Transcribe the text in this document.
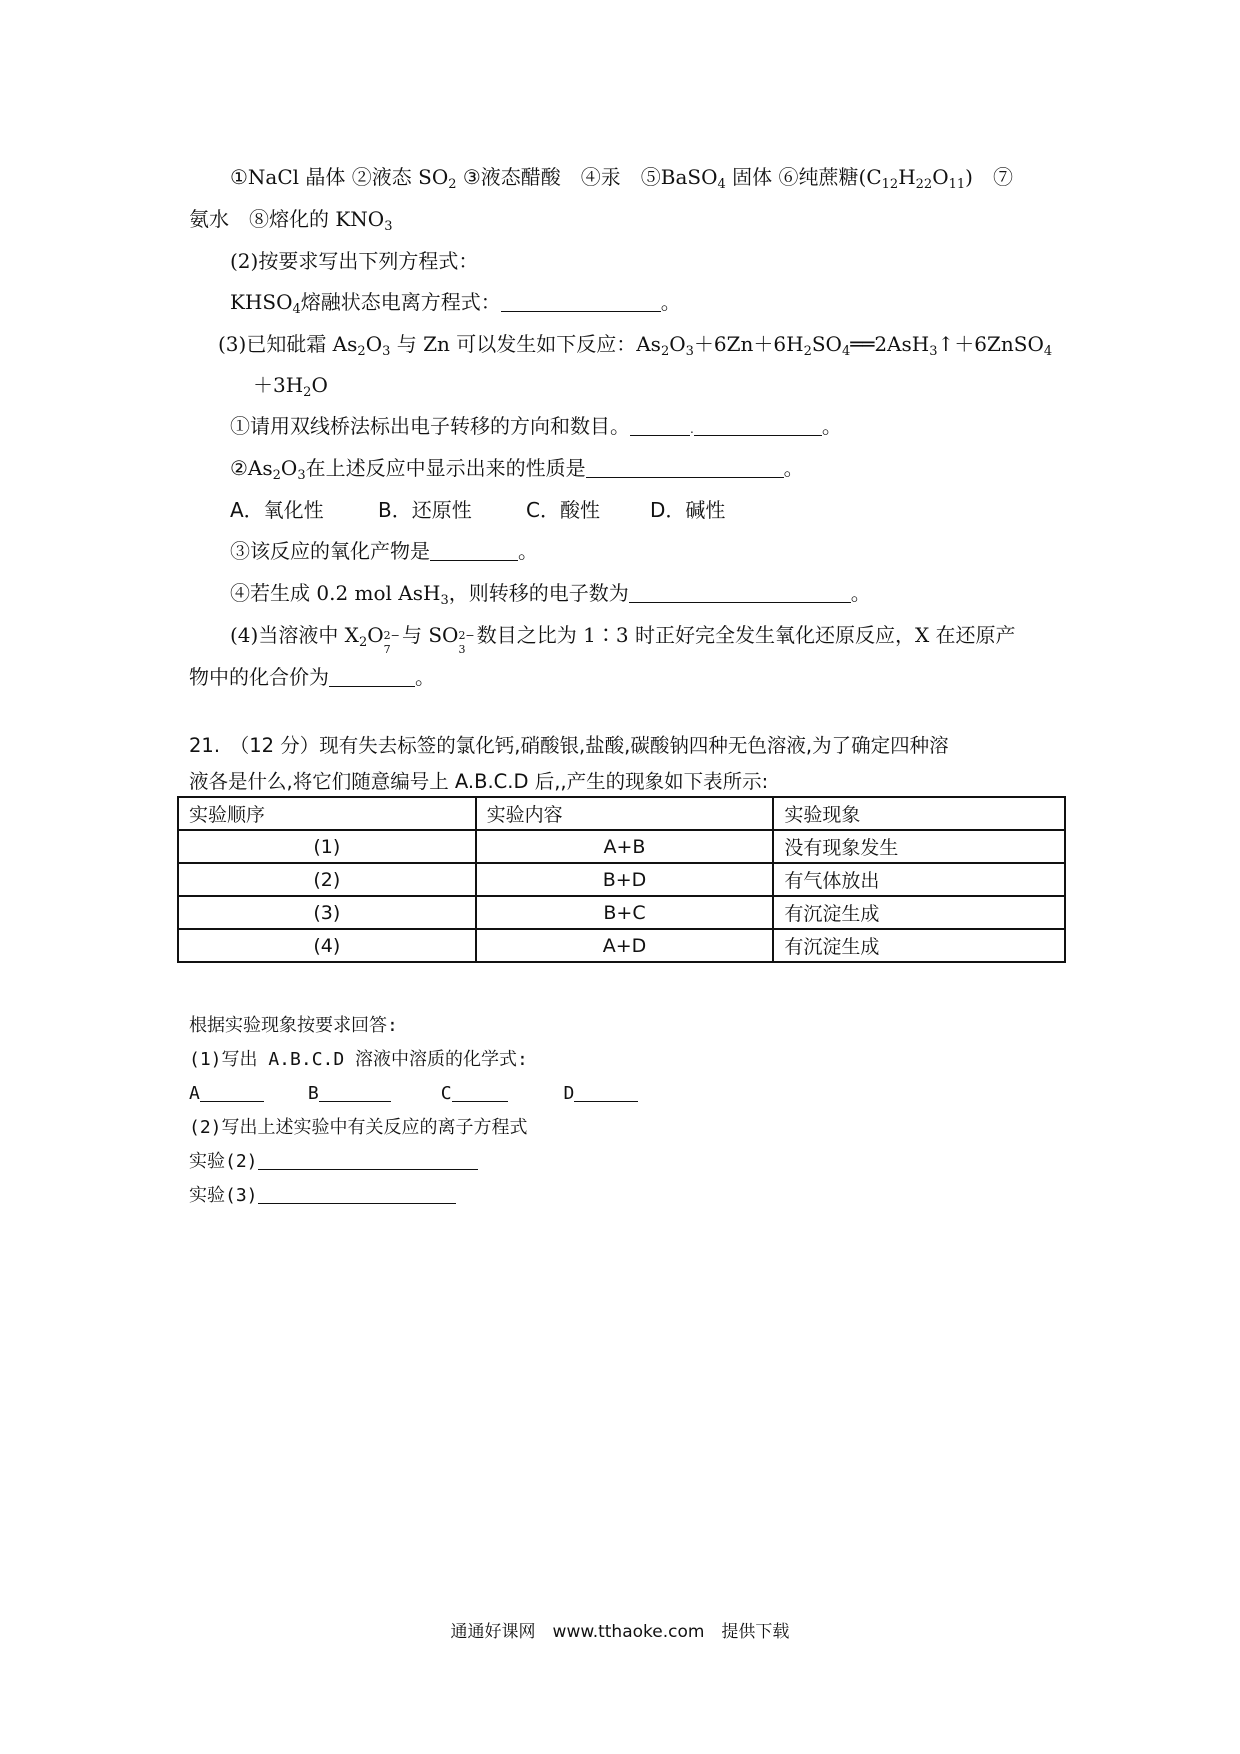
①NaCl 晶体 ②液态 $SO_2$ ③液态醋酸　④汞　⑤BaSO$_4$ 固体 ⑥纯蔗糖$(C_{12}H_{22}O_{11})$　⑦
氨水　⑧熔化的 $KNO_3$
(2)按要求写出下列方程式：
$KHSO_4$熔融状态电离方程式：	。
(3)已知砒霜 $As_2O_3$ 与 Zn 可以发生如下反应：$As_2O_3+6Zn+6H_2SO_4══2AsH_3↑+6ZnSO_4$
$+3H_2O$
①请用双线桥法标出电子转移的方向和数目。	.	。
$②As_2O_3$在上述反应中显示出来的性质是	。
A．氧化性	B．还原性	C．酸性	D．碱性
③该反应的氧化产物是	。
④若生成 0.2 mol AsH$_3$，则转移的电子数为	。
(4)当溶液中 $X_2O$ 2−
7
与 SO 2−
3
数目之比为 1∶3 时正好完全发生氧化还原反应，X 在还原产
物中的化合价为	。
21.　（12 分）现有失去标签的氯化钙,硝酸银,盐酸,碳酸钠四种无色溶液,为了确定四种溶
液各是什么,将它们随意编号上 A.B.C.D 后,,产生的现象如下表所示:
实验顺序	实验内容	实验现象
(1)	A+B	没有现象发生
(2)	B+D	有气体放出
(3)	B+C	有沉淀生成
(4)	A+D	有沉淀生成
根据实验现象按要求回答:
(1)写出 A.B.C.D 溶液中溶质的化学式:
A	B	C	D
(2)写出上述实验中有关反应的离子方程式
实验(2)
实验(3)
通通好课网　www.tthaoke.com　提供下载
